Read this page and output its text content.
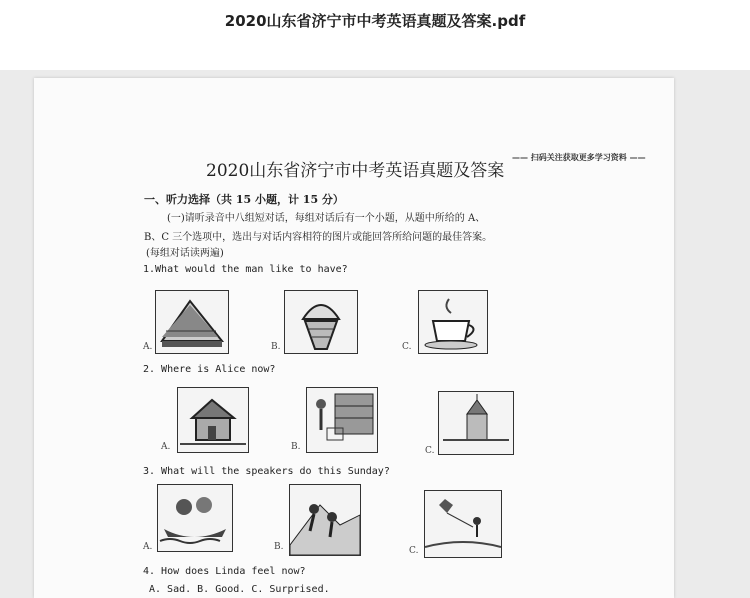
2020山东省济宁市中考英语真题及答案.pdf
2020山东省济宁市中考英语真题及答案
—— 扫码关注获取更多学习资料 ——
一、听力选择（共 15 小题，计 15 分）
(一)请听录音中八组短对话，每组对话后有一个小题，从题中所给的 A、
B、C 三个选项中，选出与对话内容相符的图片或能回答所给问题的最佳答案。
(每组对话读两遍)
1.What would the man like to have?
A.	B.	C.
2. Where is Alice now?
A.	B.	C.
3. What will the speakers do this Sunday?
A.	B.	C.
4. How does Linda feel now?
A. Sad. B. Good. C. Surprised.
